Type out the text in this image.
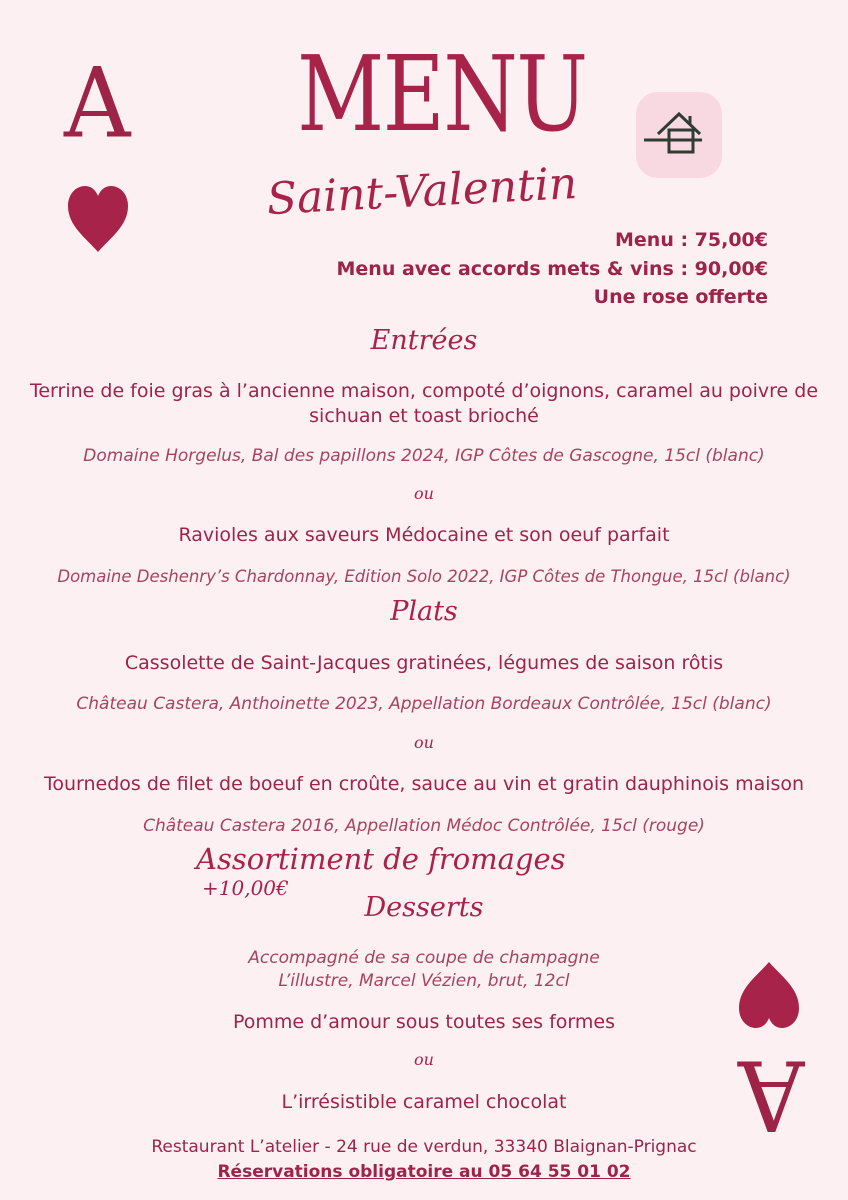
A MENU
Saint-Valentin
Menu : 75,00€
Menu avec accords mets & vins : 90,00€
Une rose offerte
Entrées
Terrine de foie gras à l’ancienne maison, compoté d’oignons, caramel au poivre de
sichuan et toast brioché
Domaine Horgelus, Bal des papillons 2024, IGP Côtes de Gascogne, 15cl (blanc)
ou
Ravioles aux saveurs Médocaine et son oeuf parfait
Domaine Deshenry’s Chardonnay, Edition Solo 2022, IGP Côtes de Thongue, 15cl (blanc)
Plats
Cassolette de Saint-Jacques gratinées, légumes de saison rôtis
Château Castera, Anthoinette 2023, Appellation Bordeaux Contrôlée, 15cl (blanc)
ou
Tournedos de filet de boeuf en croûte, sauce au vin et gratin dauphinois maison
Château Castera 2016, Appellation Médoc Contrôlée, 15cl (rouge)
Assortiment de fromages +10,00€
Desserts
Accompagné de sa coupe de champagne
L’illustre, Marcel Vézien, brut, 12cl
Pomme d’amour sous toutes ses formes
ou
L’irrésistible caramel chocolat
Restaurant L’atelier - 24 rue de verdun, 33340 Blaignan-Prignac
Réservations obligatoire au 05 64 55 01 02
A
